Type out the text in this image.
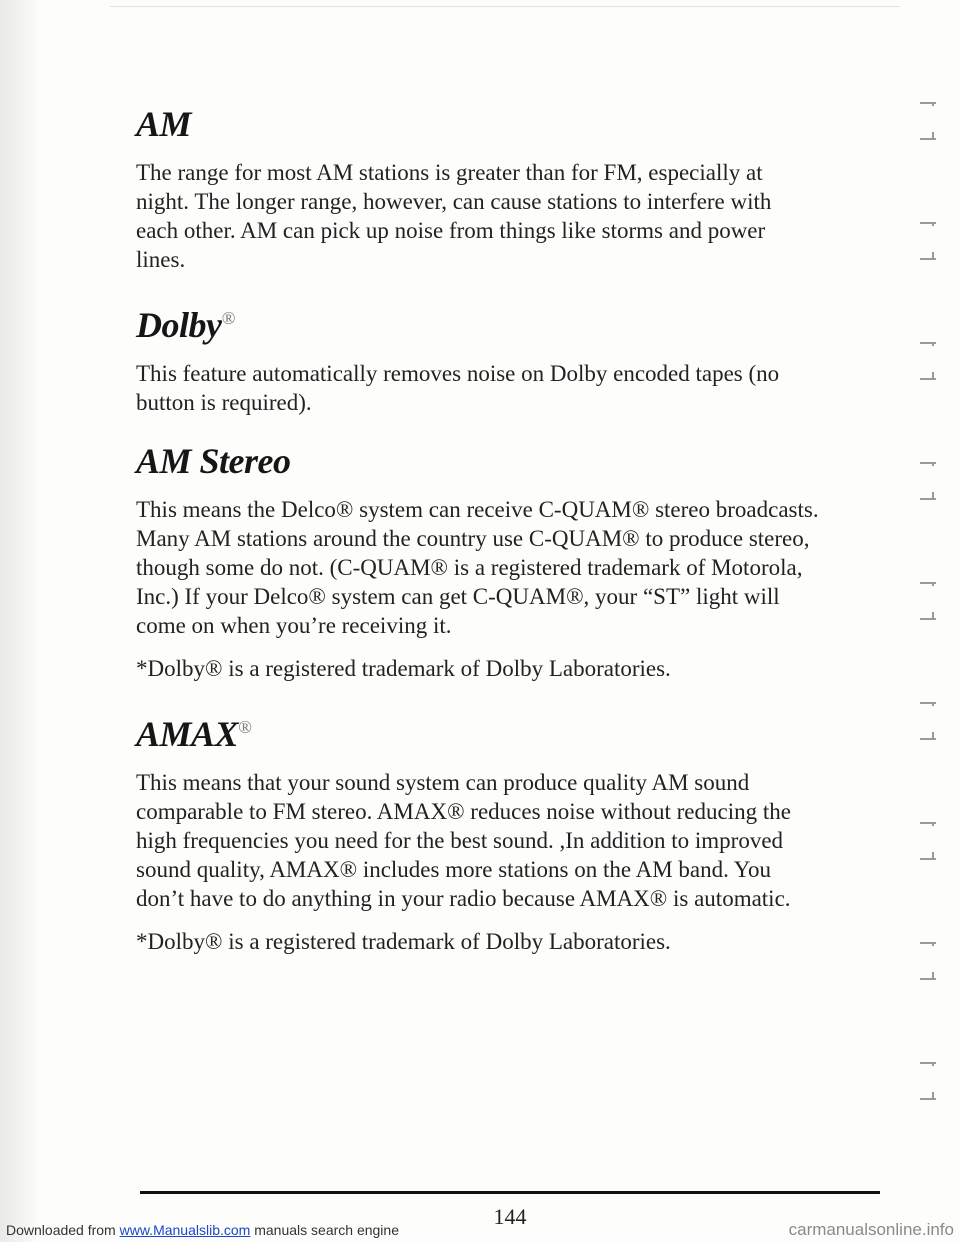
AM

The range for most AM stations is greater than for FM, especially at
night. The longer range, however, can cause stations to interfere with
each other. AM can pick up noise from things like storms and power
lines.

Dolby®

This feature automatically removes noise on Dolby encoded tapes (no
button is required).

AM Stereo

This means the Delco® system can receive C-QUAM® stereo broadcasts.
Many AM stations around the country use C-QUAM® to produce stereo,
though some do not. (C-QUAM® is a registered trademark of Motorola,
Inc.) If your Delco® system can get C-QUAM®, your “ST” light will
come on when you’re receiving it.

*Dolby® is a registered trademark of Dolby Laboratories.

AMAX®

This means that your sound system can produce quality AM sound
comparable to FM stereo. AMAX® reduces noise without reducing the
high frequencies you need for the best sound. ,In addition to improved
sound quality, AMAX® includes more stations on the AM band. You
don’t have to do anything in your radio because AMAX® is automatic.

*Dolby® is a registered trademark of Dolby Laboratories.

144
Downloaded from www.Manualslib.com manuals search engine	carmanualsonline.info
